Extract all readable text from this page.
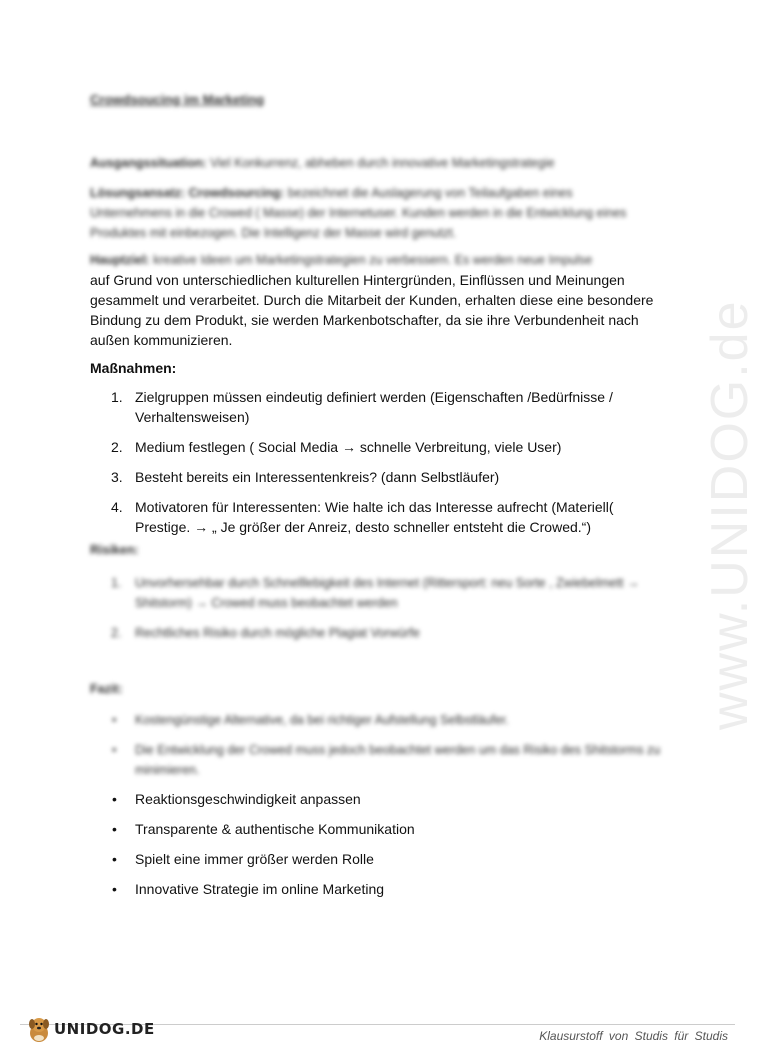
www.UNIDOG.de
Crowdsoucing im Marketing
Ausgangssituation: Viel Konkurrenz, abheben durch innovative Marketingstrategie
Lösungsansatz: Crowdsourcing: bezeichnet die Auslagerung von Teilaufgaben eines Unternehmens in die Crowed ( Masse) der Internetuser. Kunden werden in die Entwicklung eines Produktes mit einbezogen. Die Intelligenz der Masse wird genutzt.
Hauptziel: kreative Ideen um Marketingstrategien zu verbessern. Es werden neue Impulse
auf Grund von unterschiedlichen kulturellen Hintergründen, Einflüssen und Meinungen gesammelt und verarbeitet. Durch die Mitarbeit der Kunden, erhalten diese eine besondere Bindung zu dem Produkt, sie werden Markenbotschafter, da sie ihre Verbundenheit nach außen kommunizieren.
Maßnahmen:
1. Zielgruppen müssen eindeutig definiert werden (Eigenschaften /Bedürfnisse / Verhaltensweisen)
2. Medium festlegen ( Social Media → schnelle Verbreitung, viele User)
3. Besteht bereits ein Interessentenkreis? (dann Selbstläufer)
4. Motivatoren für Interessenten: Wie halte ich das Interesse aufrecht (Materiell( Prestige. → „ Je größer der Anreiz, desto schneller entsteht die Crowed.“)
Risiken:
1. Unvorhersehbar durch Schnelllebigkeit des Internet (Rittersport: neu Sorte , Zwiebelmett → Shitstorm) → Crowed muss beobachtet werden
2. Rechtliches Risiko durch mögliche Plagiat Vorwürfe
Fazit:
• Kostengünstige Alternative, da bei richtiger Aufstellung Selbstläufer.
• Die Entwicklung der Crowed muss jedoch beobachtet werden um das Risiko des Shitstorms zu minimieren.
• Reaktionsgeschwindigkeit anpassen
• Transparente & authentische Kommunikation
• Spielt eine immer größer werden Rolle
• Innovative Strategie im online Marketing
UNIDOG.DE	Klausurstoff von Studis für Studis
